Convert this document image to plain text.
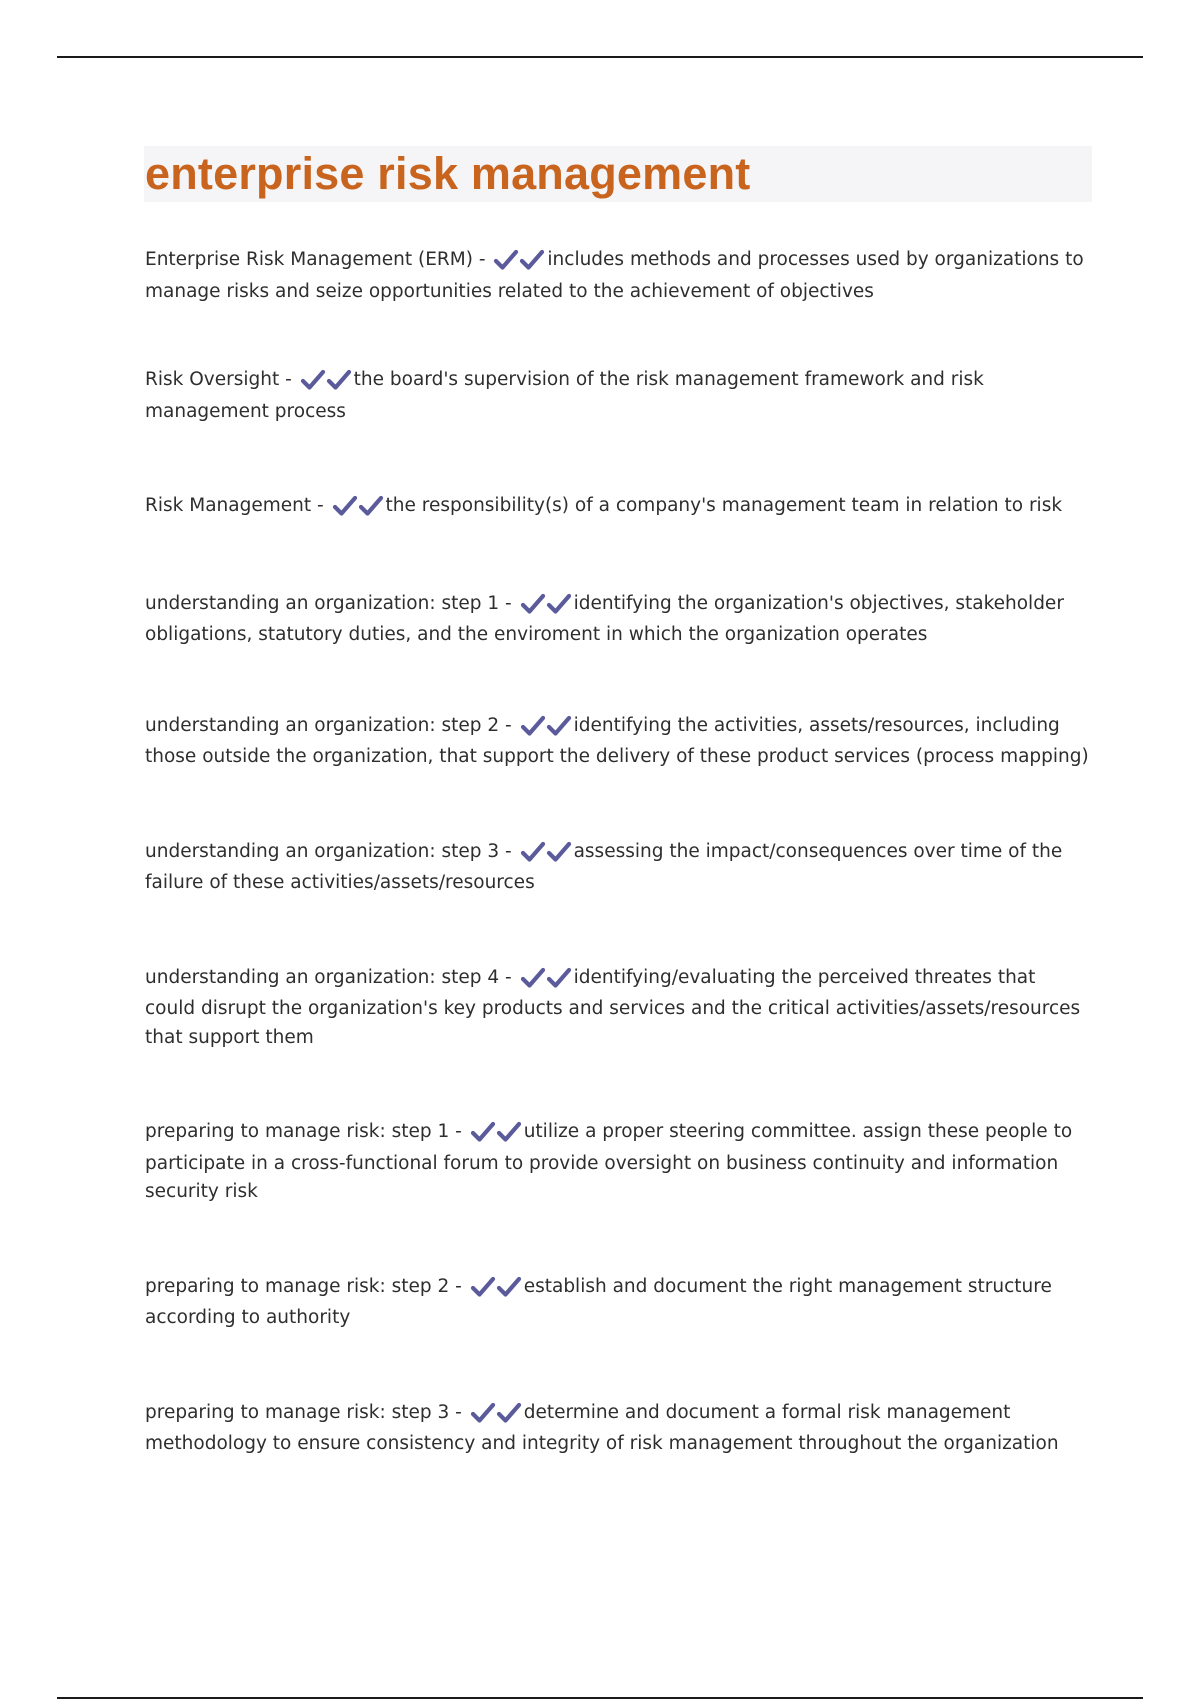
enterprise risk management
Enterprise Risk Management (ERM) -	includes methods and processes used by organizations to manage risks and seize opportunities related to the achievement of objectives
Risk Oversight -	the board's supervision of the risk management framework and risk management process
Risk Management -	the responsibility(s) of a company's management team in relation to risk
understanding an organization: step 1 -	identifying the organization's objectives, stakeholder obligations, statutory duties, and the enviroment in which the organization operates
understanding an organization: step 2 -	identifying the activities, assets/resources, including those outside the organization, that support the delivery of these product services (process mapping)
understanding an organization: step 3 -	assessing the impact/consequences over time of the failure of these activities/assets/resources
understanding an organization: step 4 -	identifying/evaluating the perceived threates that could disrupt the organization's key products and services and the critical activities/assets/resources that support them
preparing to manage risk: step 1 -	utilize a proper steering committee. assign these people to participate in a cross-functional forum to provide oversight on business continuity and information security risk
preparing to manage risk: step 2 -	establish and document the right management structure according to authority
preparing to manage risk: step 3 -	determine and document a formal risk management methodology to ensure consistency and integrity of risk management throughout the organization
